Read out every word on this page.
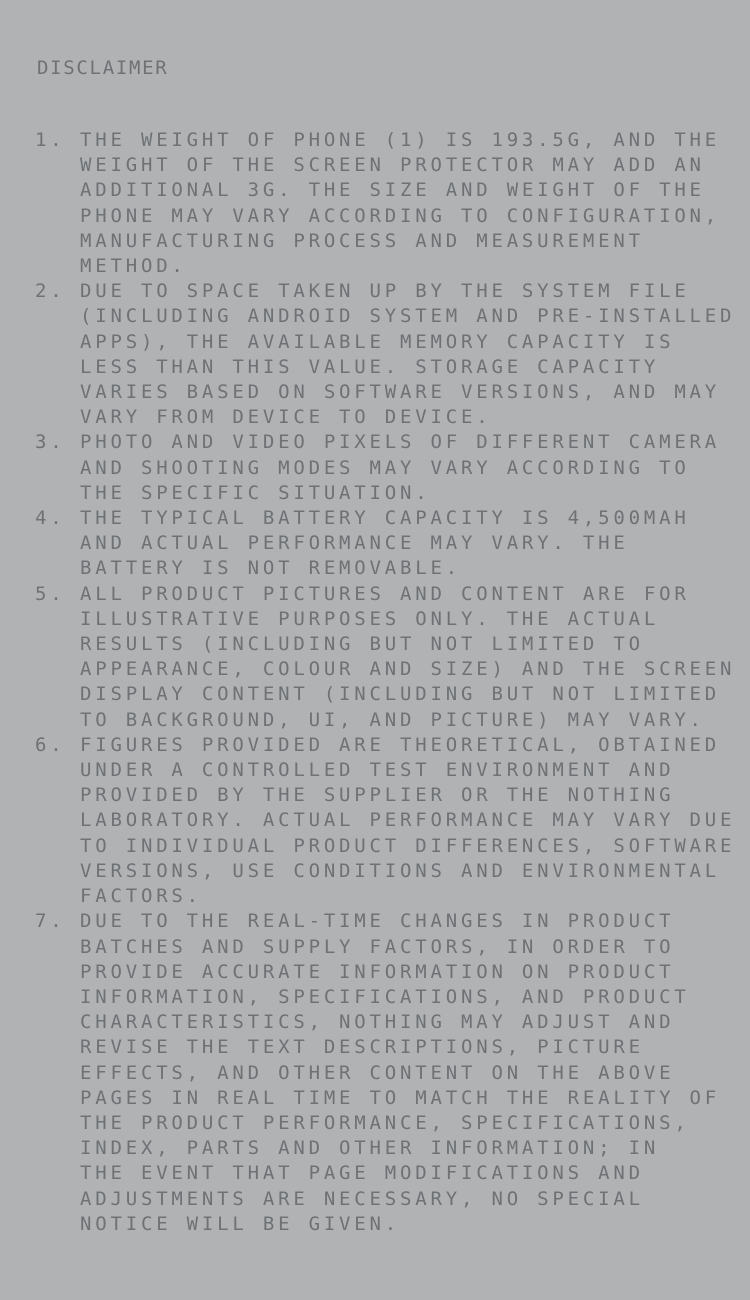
DISCLAIMER
1. THE WEIGHT OF PHONE (1) IS 193.5G, AND THE
WEIGHT OF THE SCREEN PROTECTOR MAY ADD AN
ADDITIONAL 3G. THE SIZE AND WEIGHT OF THE
PHONE MAY VARY ACCORDING TO CONFIGURATION,
MANUFACTURING PROCESS AND MEASUREMENT
METHOD.
2. DUE TO SPACE TAKEN UP BY THE SYSTEM FILE
(INCLUDING ANDROID SYSTEM AND PRE-INSTALLED
APPS), THE AVAILABLE MEMORY CAPACITY IS
LESS THAN THIS VALUE. STORAGE CAPACITY
VARIES BASED ON SOFTWARE VERSIONS, AND MAY
VARY FROM DEVICE TO DEVICE.
3. PHOTO AND VIDEO PIXELS OF DIFFERENT CAMERA
AND SHOOTING MODES MAY VARY ACCORDING TO
THE SPECIFIC SITUATION.
4. THE TYPICAL BATTERY CAPACITY IS 4,500MAH
AND ACTUAL PERFORMANCE MAY VARY. THE
BATTERY IS NOT REMOVABLE.
5. ALL PRODUCT PICTURES AND CONTENT ARE FOR
ILLUSTRATIVE PURPOSES ONLY. THE ACTUAL
RESULTS (INCLUDING BUT NOT LIMITED TO
APPEARANCE, COLOUR AND SIZE) AND THE SCREEN
DISPLAY CONTENT (INCLUDING BUT NOT LIMITED
TO BACKGROUND, UI, AND PICTURE) MAY VARY.
6. FIGURES PROVIDED ARE THEORETICAL, OBTAINED
UNDER A CONTROLLED TEST ENVIRONMENT AND
PROVIDED BY THE SUPPLIER OR THE NOTHING
LABORATORY. ACTUAL PERFORMANCE MAY VARY DUE
TO INDIVIDUAL PRODUCT DIFFERENCES, SOFTWARE
VERSIONS, USE CONDITIONS AND ENVIRONMENTAL
FACTORS.
7. DUE TO THE REAL-TIME CHANGES IN PRODUCT
BATCHES AND SUPPLY FACTORS, IN ORDER TO
PROVIDE ACCURATE INFORMATION ON PRODUCT
INFORMATION, SPECIFICATIONS, AND PRODUCT
CHARACTERISTICS, NOTHING MAY ADJUST AND
REVISE THE TEXT DESCRIPTIONS, PICTURE
EFFECTS, AND OTHER CONTENT ON THE ABOVE
PAGES IN REAL TIME TO MATCH THE REALITY OF
THE PRODUCT PERFORMANCE, SPECIFICATIONS,
INDEX, PARTS AND OTHER INFORMATION; IN
THE EVENT THAT PAGE MODIFICATIONS AND
ADJUSTMENTS ARE NECESSARY, NO SPECIAL
NOTICE WILL BE GIVEN.
